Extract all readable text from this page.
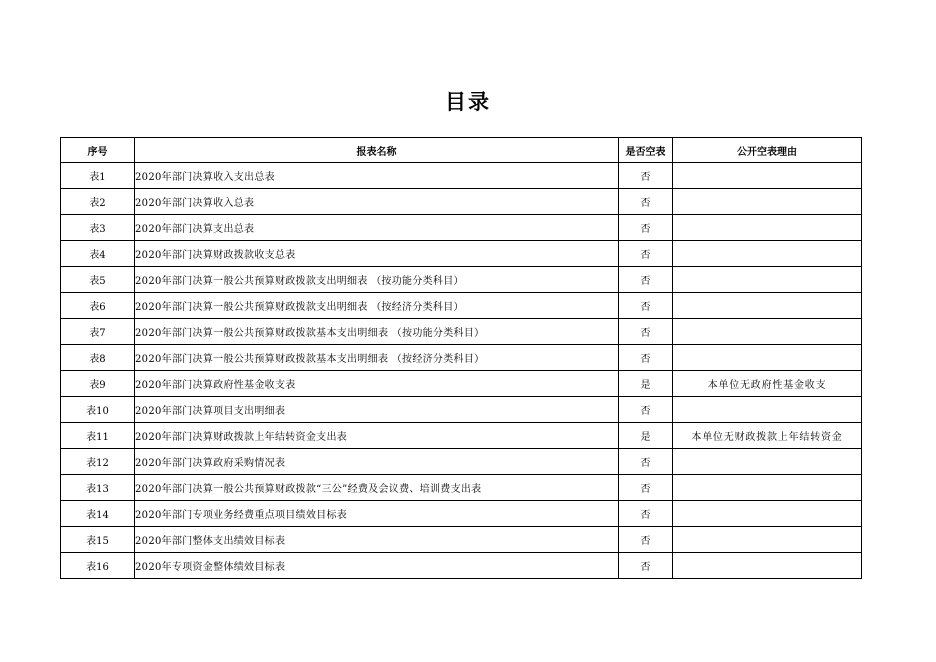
目录
序号	报表名称	是否空表	公开空表理由
表1	2020年部门决算收入支出总表	否	
表2	2020年部门决算收入总表	否	
表3	2020年部门决算支出总表	否	
表4	2020年部门决算财政拨款收支总表	否	
表5	2020年部门决算一般公共预算财政拨款支出明细表 （按功能分类科目）	否	
表6	2020年部门决算一般公共预算财政拨款支出明细表 （按经济分类科目）	否	
表7	2020年部门决算一般公共预算财政拨款基本支出明细表 （按功能分类科目）	否	
表8	2020年部门决算一般公共预算财政拨款基本支出明细表 （按经济分类科目）	否	
表9	2020年部门决算政府性基金收支表	是	本单位无政府性基金收支
表10	2020年部门决算项目支出明细表	否	
表11	2020年部门决算财政拨款上年结转资金支出表	是	本单位无财政拨款上年结转资金
表12	2020年部门决算政府采购情况表	否	
表13	2020年部门决算一般公共预算财政拨款“三公”经费及会议费、培训费支出表	否	
表14	2020年部门专项业务经费重点项目绩效目标表	否	
表15	2020年部门整体支出绩效目标表	否	
表16	2020年专项资金整体绩效目标表	否	
